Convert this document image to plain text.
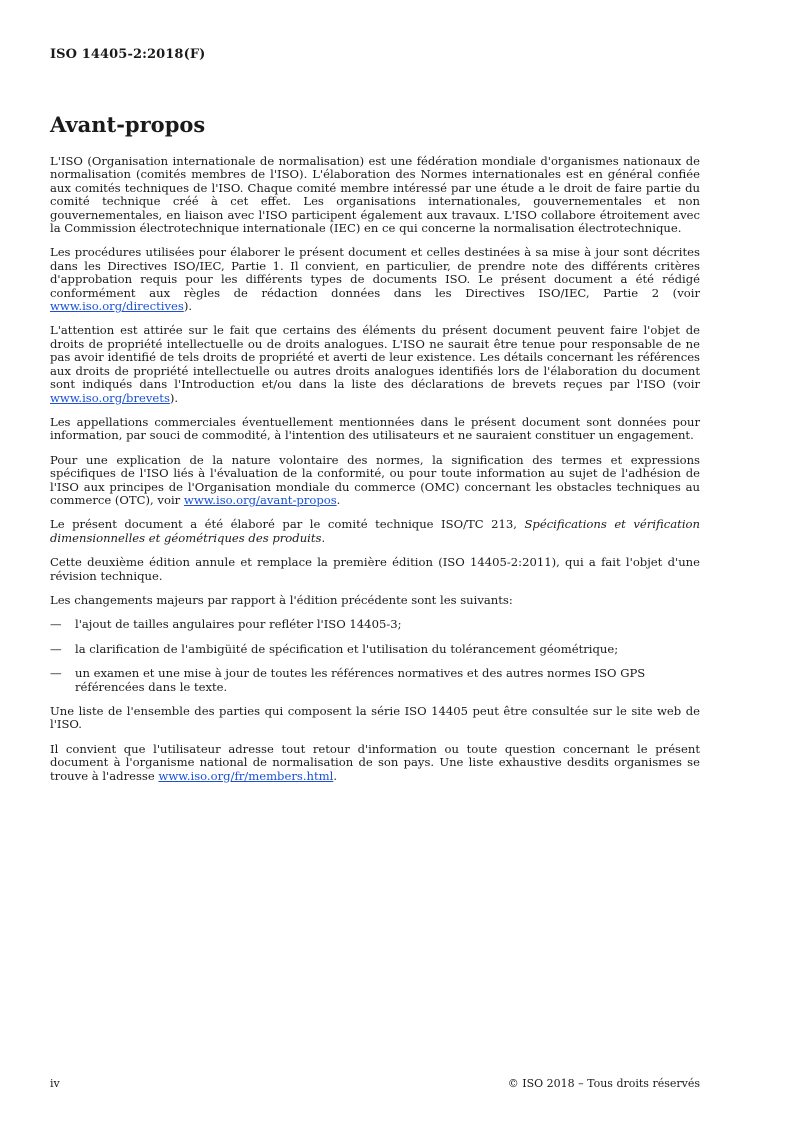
ISO 14405-2:2018(F)
Avant-propos

L'ISO (Organisation internationale de normalisation) est une fédération mondiale d'organismes nationaux de normalisation (comités membres de l'ISO). L'élaboration des Normes internationales est en général confiée aux comités techniques de l'ISO. Chaque comité membre intéressé par une étude a le droit de faire partie du comité technique créé à cet effet. Les organisations internationales, gouvernementales et non gouvernementales, en liaison avec l'ISO participent également aux travaux. L'ISO collabore étroitement avec la Commission électrotechnique internationale (IEC) en ce qui concerne la normalisation électrotechnique.

Les procédures utilisées pour élaborer le présent document et celles destinées à sa mise à jour sont décrites dans les Directives ISO/IEC, Partie 1. Il convient, en particulier, de prendre note des différents critères d'approbation requis pour les différents types de documents ISO. Le présent document a été rédigé conformément aux règles de rédaction données dans les Directives ISO/IEC, Partie 2 (voir www.iso.org/directives).

L'attention est attirée sur le fait que certains des éléments du présent document peuvent faire l'objet de droits de propriété intellectuelle ou de droits analogues. L'ISO ne saurait être tenue pour responsable de ne pas avoir identifié de tels droits de propriété et averti de leur existence. Les détails concernant les références aux droits de propriété intellectuelle ou autres droits analogues identifiés lors de l'élaboration du document sont indiqués dans l'Introduction et/ou dans la liste des déclarations de brevets reçues par l'ISO (voir www.iso.org/brevets).

Les appellations commerciales éventuellement mentionnées dans le présent document sont données pour information, par souci de commodité, à l'intention des utilisateurs et ne sauraient constituer un engagement.

Pour une explication de la nature volontaire des normes, la signification des termes et expressions spécifiques de l'ISO liés à l'évaluation de la conformité, ou pour toute information au sujet de l'adhésion de l'ISO aux principes de l'Organisation mondiale du commerce (OMC) concernant les obstacles techniques au commerce (OTC), voir www.iso.org/avant-propos.

Le présent document a été élaboré par le comité technique ISO/TC 213, Spécifications et vérification dimensionnelles et géométriques des produits.

Cette deuxième édition annule et remplace la première édition (ISO 14405-2:2011), qui a fait l'objet d'une révision technique.

Les changements majeurs par rapport à l'édition précédente sont les suivants:

—	l'ajout de tailles angulaires pour refléter l'ISO 14405-3;
—	la clarification de l'ambigüité de spécification et l'utilisation du tolérancement géométrique;
—	un examen et une mise à jour de toutes les références normatives et des autres normes ISO GPS référencées dans le texte.

Une liste de l'ensemble des parties qui composent la série ISO 14405 peut être consultée sur le site web de l'ISO.

Il convient que l'utilisateur adresse tout retour d'information ou toute question concernant le présent document à l'organisme national de normalisation de son pays. Une liste exhaustive desdits organismes se trouve à l'adresse www.iso.org/fr/members.html.

iv	© ISO 2018 – Tous droits réservés
